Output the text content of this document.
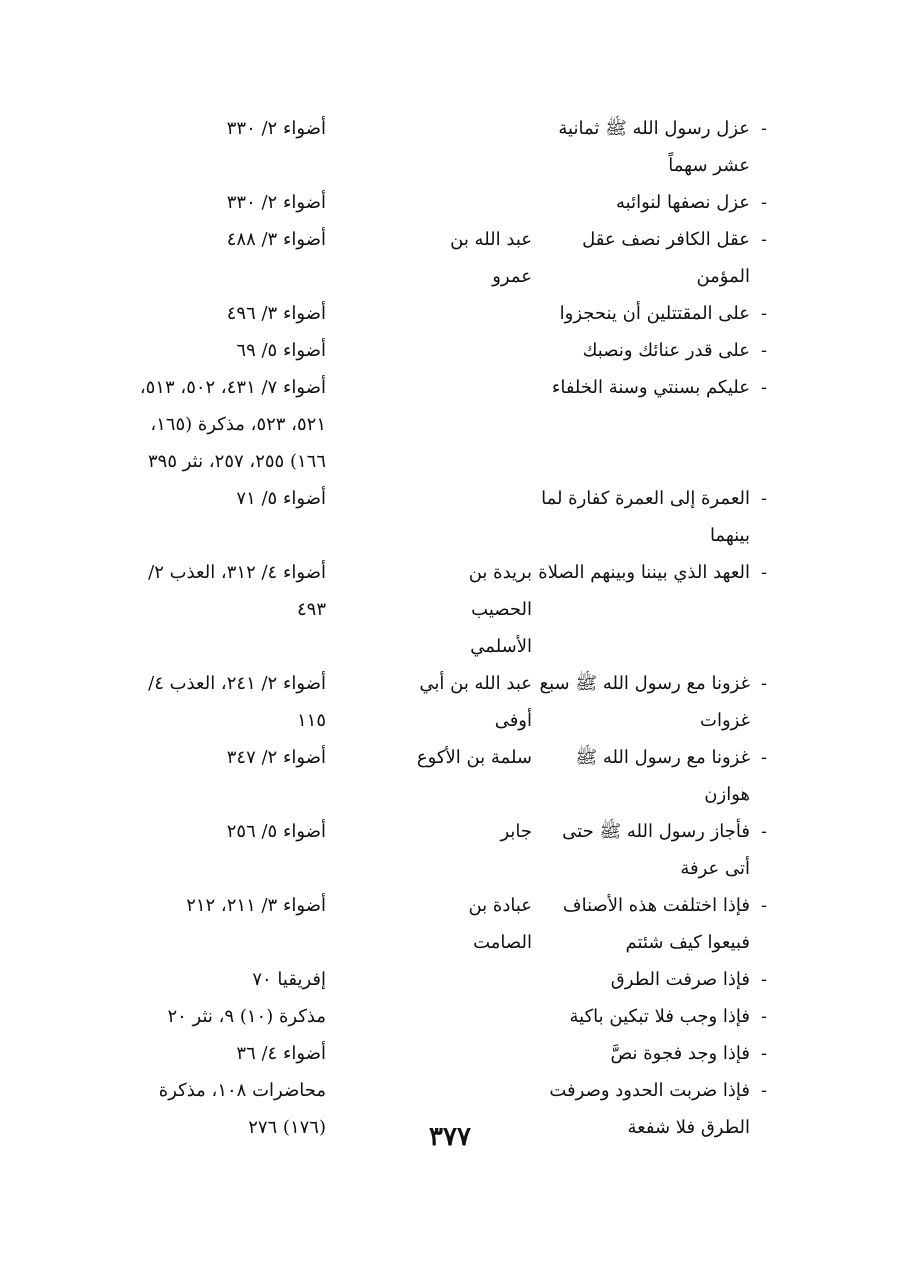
-
عزل رسول الله ﷺ ثمانية عشر سهماً
أضواء ٢/ ٣٣٠
-
عزل نصفها لنوائبه
أضواء ٢/ ٣٣٠
-
عقل الكافر نصف عقل المؤمن
عبد الله بن عمرو
أضواء ٣/ ٤٨٨
-
على المقتتلين أن ينحجزوا
أضواء ٣/ ٤٩٦
-
على قدر عنائك ونصبك
أضواء ٥/ ٦٩
-
عليكم بسنتي وسنة الخلفاء
أضواء ٧/ ٤٣١، ٥٠٢، ٥١٣، ٥٢١، ٥٢٣، مذكرة (١٦٥، ١٦٦) ٢٥٥، ٢٥٧، نثر ٣٩٥
-
العمرة إلى العمرة كفارة لما بينهما
أضواء ٥/ ٧١
-
العهد الذي بيننا وبينهم الصلاة
بريدة بن الحصيب الأسلمي
أضواء ٤/ ٣١٢، العذب ٢/ ٤٩٣
-
غزونا مع رسول الله ﷺ سبع غزوات
عبد الله بن أبي أوفى
أضواء ٢/ ٢٤١، العذب ٤/ ١١٥
-
غزونا مع رسول الله ﷺ هوازن
سلمة بن الأكوع
أضواء ٢/ ٣٤٧
-
فأجاز رسول الله ﷺ حتى أتى عرفة
جابر
أضواء ٥/ ٢٥٦
-
فإذا اختلفت هذه الأصناف فبيعوا كيف شئتم
عبادة بن الصامت
أضواء ٣/ ٢١١، ٢١٢
-
فإذا صرفت الطرق
إفريقيا ٧٠
-
فإذا وجب فلا تبكين باكية
مذكرة (١٠) ٩، نثر ٢٠
-
فإذا وجد فجوة نصَّ
أضواء ٤/ ٣٦
-
فإذا ضربت الحدود وصرفت الطرق فلا شفعة
محاضرات ١٠٨، مذكرة (١٧٦) ٢٧٦	٣٧٧
